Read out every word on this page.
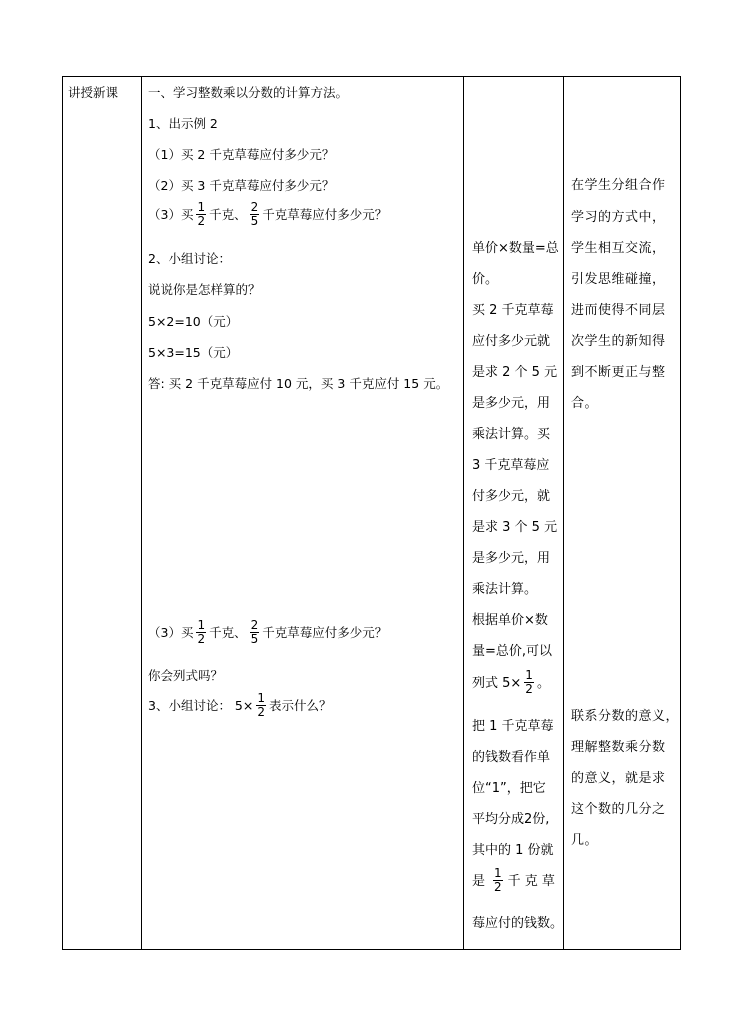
讲授新课 一、学习整数乘以分数的计算方法。
1、出示例 2
（1）买 2 千克草莓应付多少元？
（2）买 3 千克草莓应付多少元？
（3）买 $\frac{1}{2}$ 千克、 $\frac{2}{5}$ 千克草莓应付多少元？
2、小组讨论：
说说你是怎样算的？
5×2=10（元）
5×3=15（元）
答: 买 2 千克草莓应付 10 元，买 3 千克应付 15 元。
（3）买 $\frac{1}{2}$ 千克、 $\frac{2}{5}$ 千克草莓应付多少元？
你会列式吗？
3、小组讨论： $5\times \frac{1}{2}$ 表示什么？
单价×数量=总
价。
买 2 千克草莓
应付多少元就
是求 2 个 5 元
是多少元，用
乘法计算。买
3 千克草莓应
付多少元，就
是求 3 个 5 元
是多少元，用
乘法计算。
根据单价×数
量=总价,可以
列式 $5\times \frac{1}{2}$ 。
把 1 千克草莓
的钱数看作单
位“1”，把它
平均分成2份,
其中的 1 份就
是 $\frac{1}{2}$ 千 克 草
莓应付的钱数。
在学生分组合作
学习的方式中，
学生相互交流，
引发思维碰撞，
进而使得不同层
次学生的新知得
到不断更正与整
合。
联系分数的意义，
理解整数乘分数
的意义，就是求
这个数的几分之
几。
